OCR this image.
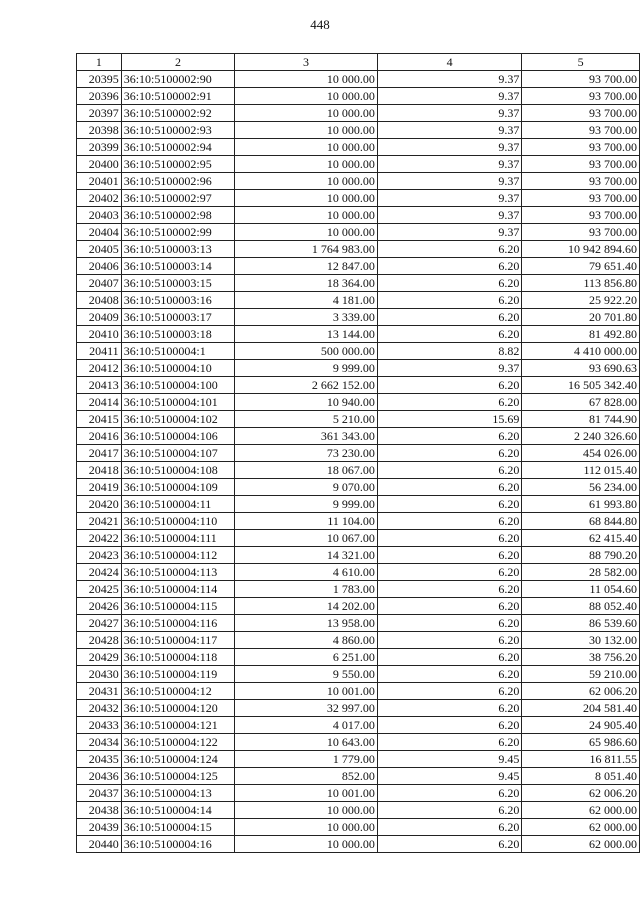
448
1	2	3	4	5
20395	36:10:5100002:90	10 000.00	9.37	93 700.00
20396	36:10:5100002:91	10 000.00	9.37	93 700.00
20397	36:10:5100002:92	10 000.00	9.37	93 700.00
20398	36:10:5100002:93	10 000.00	9.37	93 700.00
20399	36:10:5100002:94	10 000.00	9.37	93 700.00
20400	36:10:5100002:95	10 000.00	9.37	93 700.00
20401	36:10:5100002:96	10 000.00	9.37	93 700.00
20402	36:10:5100002:97	10 000.00	9.37	93 700.00
20403	36:10:5100002:98	10 000.00	9.37	93 700.00
20404	36:10:5100002:99	10 000.00	9.37	93 700.00
20405	36:10:5100003:13	1 764 983.00	6.20	10 942 894.60
20406	36:10:5100003:14	12 847.00	6.20	79 651.40
20407	36:10:5100003:15	18 364.00	6.20	113 856.80
20408	36:10:5100003:16	4 181.00	6.20	25 922.20
20409	36:10:5100003:17	3 339.00	6.20	20 701.80
20410	36:10:5100003:18	13 144.00	6.20	81 492.80
20411	36:10:5100004:1	500 000.00	8.82	4 410 000.00
20412	36:10:5100004:10	9 999.00	9.37	93 690.63
20413	36:10:5100004:100	2 662 152.00	6.20	16 505 342.40
20414	36:10:5100004:101	10 940.00	6.20	67 828.00
20415	36:10:5100004:102	5 210.00	15.69	81 744.90
20416	36:10:5100004:106	361 343.00	6.20	2 240 326.60
20417	36:10:5100004:107	73 230.00	6.20	454 026.00
20418	36:10:5100004:108	18 067.00	6.20	112 015.40
20419	36:10:5100004:109	9 070.00	6.20	56 234.00
20420	36:10:5100004:11	9 999.00	6.20	61 993.80
20421	36:10:5100004:110	11 104.00	6.20	68 844.80
20422	36:10:5100004:111	10 067.00	6.20	62 415.40
20423	36:10:5100004:112	14 321.00	6.20	88 790.20
20424	36:10:5100004:113	4 610.00	6.20	28 582.00
20425	36:10:5100004:114	1 783.00	6.20	11 054.60
20426	36:10:5100004:115	14 202.00	6.20	88 052.40
20427	36:10:5100004:116	13 958.00	6.20	86 539.60
20428	36:10:5100004:117	4 860.00	6.20	30 132.00
20429	36:10:5100004:118	6 251.00	6.20	38 756.20
20430	36:10:5100004:119	9 550.00	6.20	59 210.00
20431	36:10:5100004:12	10 001.00	6.20	62 006.20
20432	36:10:5100004:120	32 997.00	6.20	204 581.40
20433	36:10:5100004:121	4 017.00	6.20	24 905.40
20434	36:10:5100004:122	10 643.00	6.20	65 986.60
20435	36:10:5100004:124	1 779.00	9.45	16 811.55
20436	36:10:5100004:125	852.00	9.45	8 051.40
20437	36:10:5100004:13	10 001.00	6.20	62 006.20
20438	36:10:5100004:14	10 000.00	6.20	62 000.00
20439	36:10:5100004:15	10 000.00	6.20	62 000.00
20440	36:10:5100004:16	10 000.00	6.20	62 000.00
